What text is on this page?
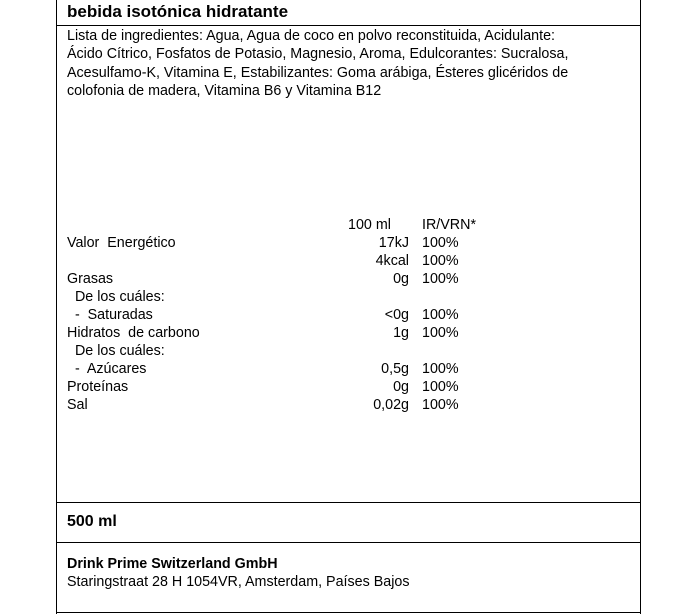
bebida isotónica hidratante
Lista de ingredientes: Agua, Agua de coco en polvo reconstituida, Acidulante:
Ácido Cítrico, Fosfatos de Potasio, Magnesio, Aroma, Edulcorantes: Sucralosa,
Acesulfamo-K, Vitamina E, Estabilizantes: Goma arábiga, Ésteres glicéridos de
colofonia de madera, Vitamina B6 y Vitamina B12
100 ml IR/VRN*
Valor  Energético	17kJ 100%
4kcal 100%
Grasas	0g 100%
De los cuáles:
-  Saturadas	<0g 100%
Hidratos  de carbono	1g 100%
De los cuáles:
-  Azúcares	0,5g 100%
Proteínas	0g 100%
Sal	0,02g 100%
500 ml
Drink Prime Switzerland GmbH
Staringstraat 28 H 1054VR, Amsterdam, Países Bajos
